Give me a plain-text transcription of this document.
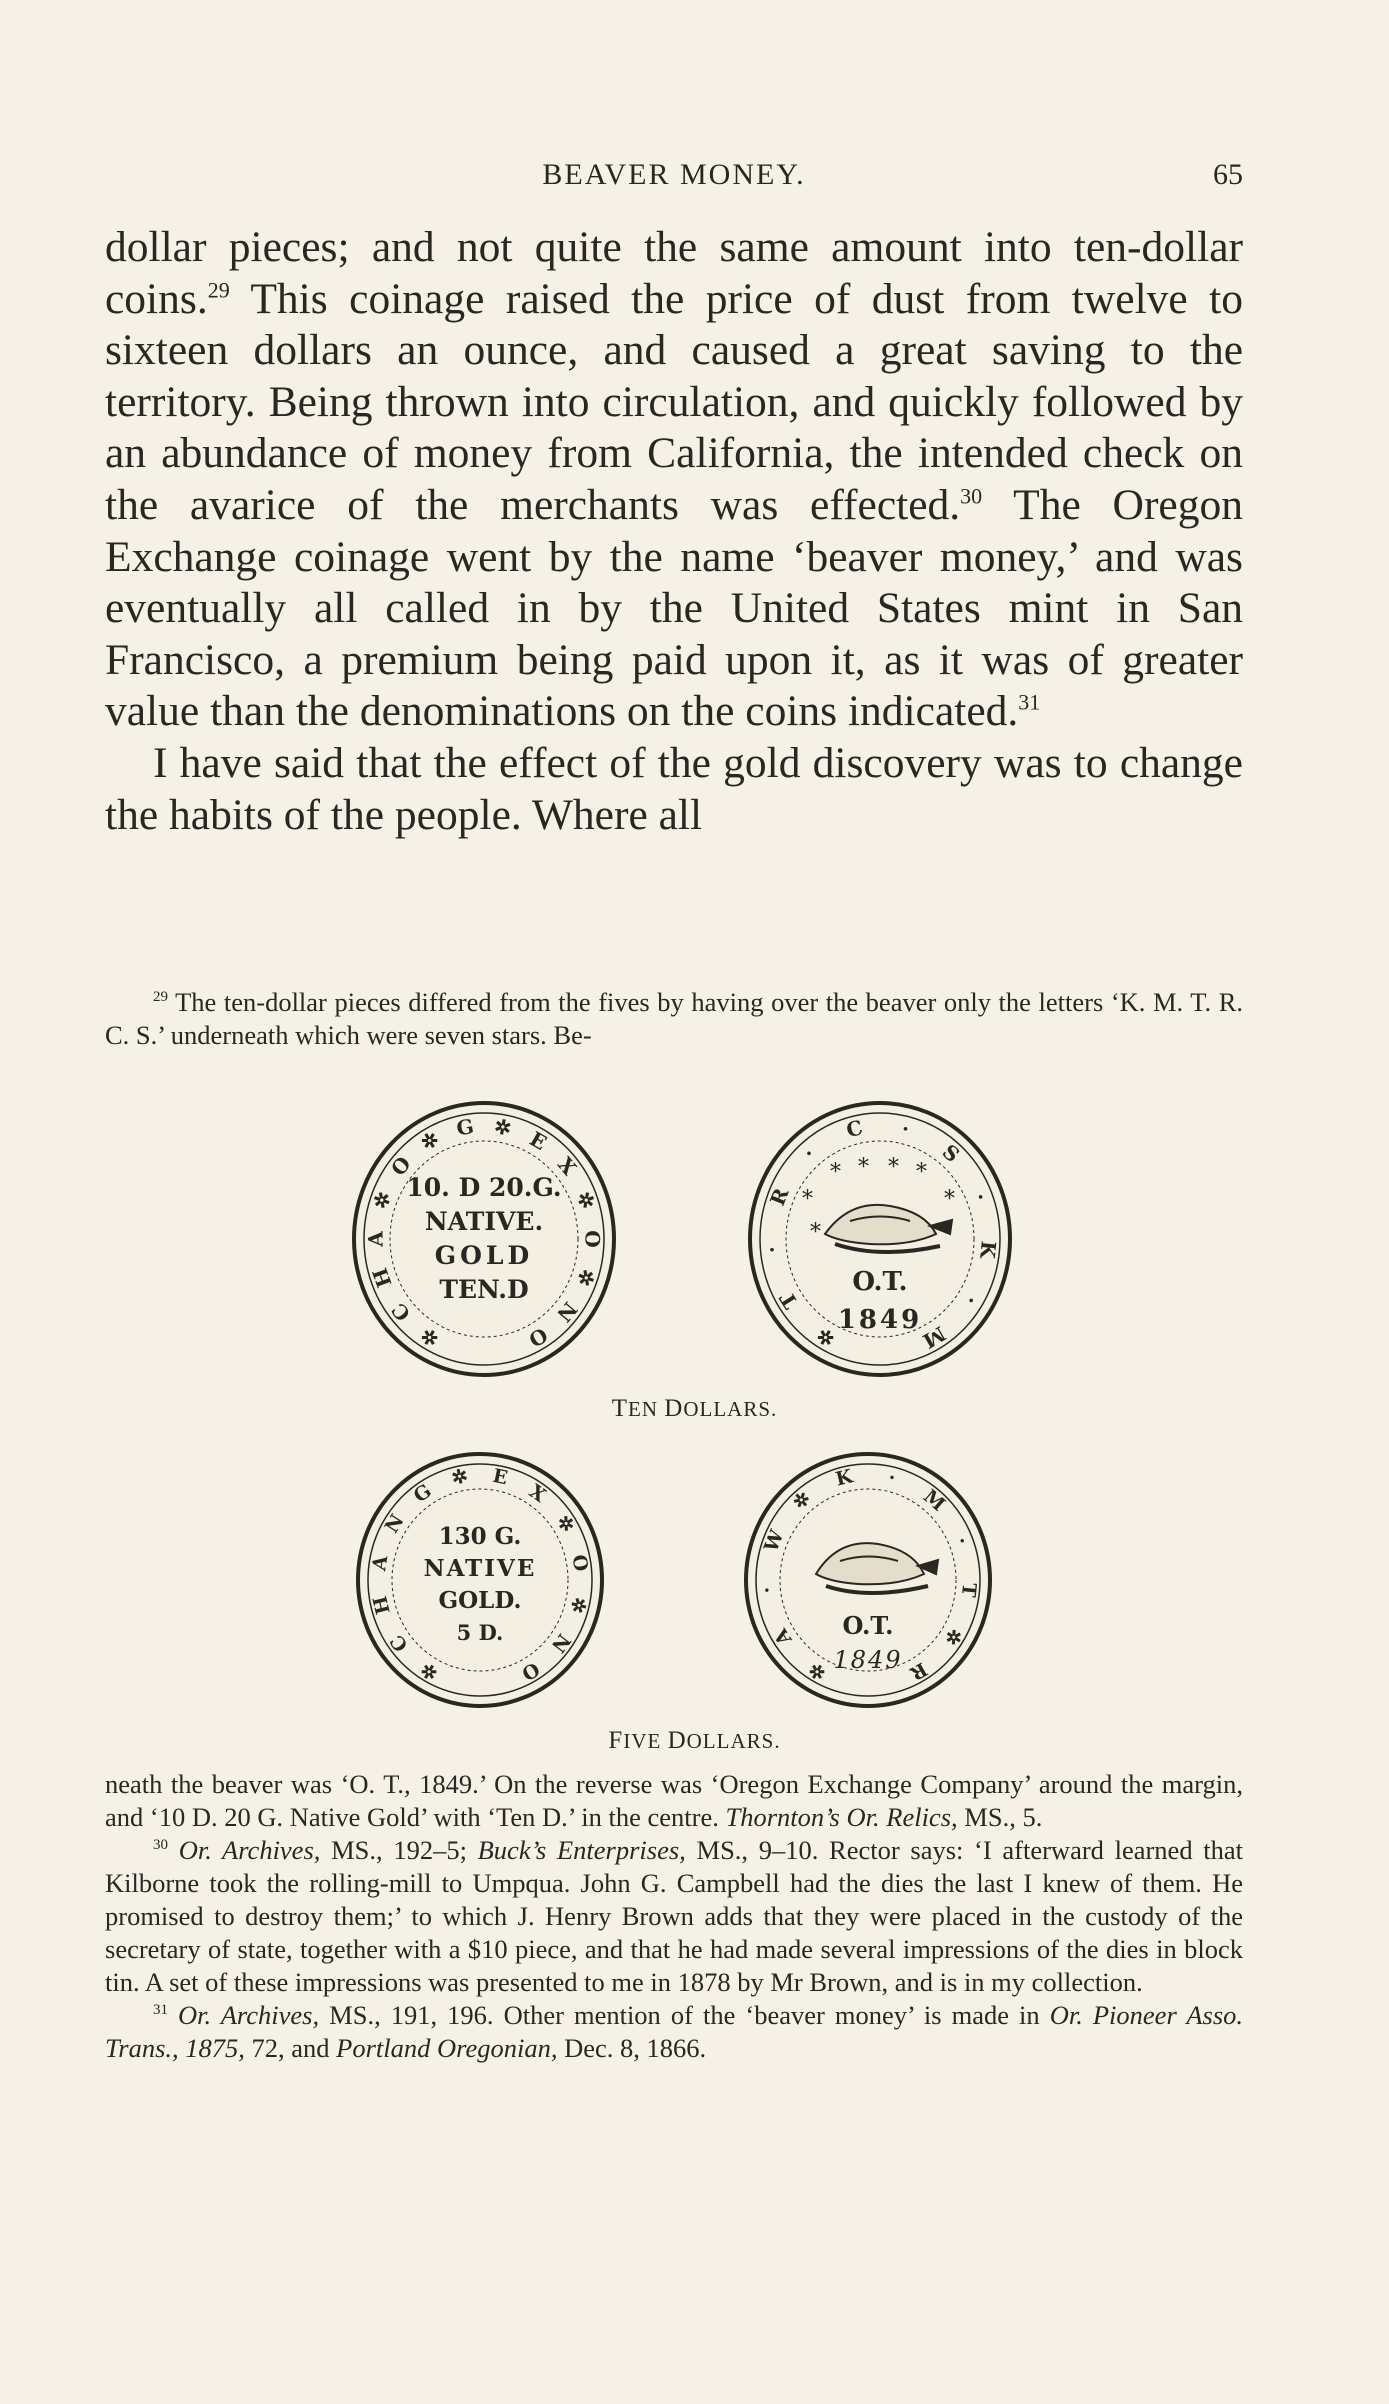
BEAVER MONEY.	65

dollar pieces; and not quite the same amount into ten-dollar coins.$^{29}$ This coinage raised the price of dust from twelve to sixteen dollars an ounce, and caused a great saving to the territory. Being thrown into circulation, and quickly followed by an abundance of money from California, the intended check on the avarice of the merchants was effected.$^{30}$ The Oregon Exchange coinage went by the name ‘beaver money,’ and was eventually all called in by the United States mint in San Francisco, a premium being paid upon it, as it was of greater value than the denominations on the coins indicated.$^{31}$

I have said that the effect of the gold discovery was to change the habits of the people. Where all

$^{29}$ The ten-dollar pieces differed from the fives by having over the beaver only the letters ‘K. M. T. R. C. S.’ underneath which were seven stars. Be-

✲
C
H
A
✲
O
✲ G ✲ E
X
✲
O
✲
N
O
10. D 20.G.
NATIVE.
GOLD
TEN.D
✲
T
·
R
·
C ·
S
·
K
·
M
* * * *
*	*
*
O.T.
1849
TEN DOLLARS.
✲
C
H
A
N
G
✲ E
X
✲
O
✲
N
O
130 G.
NATIVE
GOLD.
5 D.
✲
A
·
W
✲
K ·
M
·
T
✲
R
O.T.
1849
FIVE DOLLARS.

neath the beaver was ‘O. T., 1849.’ On the reverse was ‘Oregon Exchange Company’ around the margin, and ‘10 D. 20 G. Native Gold’ with ‘Ten D.’ in the centre. Thornton’s Or. Relics, MS., 5.

$^{30}$ Or. Archives, MS., 192–5; Buck’s Enterprises, MS., 9–10. Rector says: ‘I afterward learned that Kilborne took the rolling-mill to Umpqua. John G. Campbell had the dies the last I knew of them. He promised to destroy them;’ to which J. Henry Brown adds that they were placed in the custody of the secretary of state, together with a $10 piece, and that he had made several impressions of the dies in block tin. A set of these impressions was presented to me in 1878 by Mr Brown, and is in my collection.

$^{31}$ Or. Archives, MS., 191, 196. Other mention of the ‘beaver money’ is made in Or. Pioneer Asso. Trans., 1875, 72, and Portland Oregonian, Dec. 8, 1866.
